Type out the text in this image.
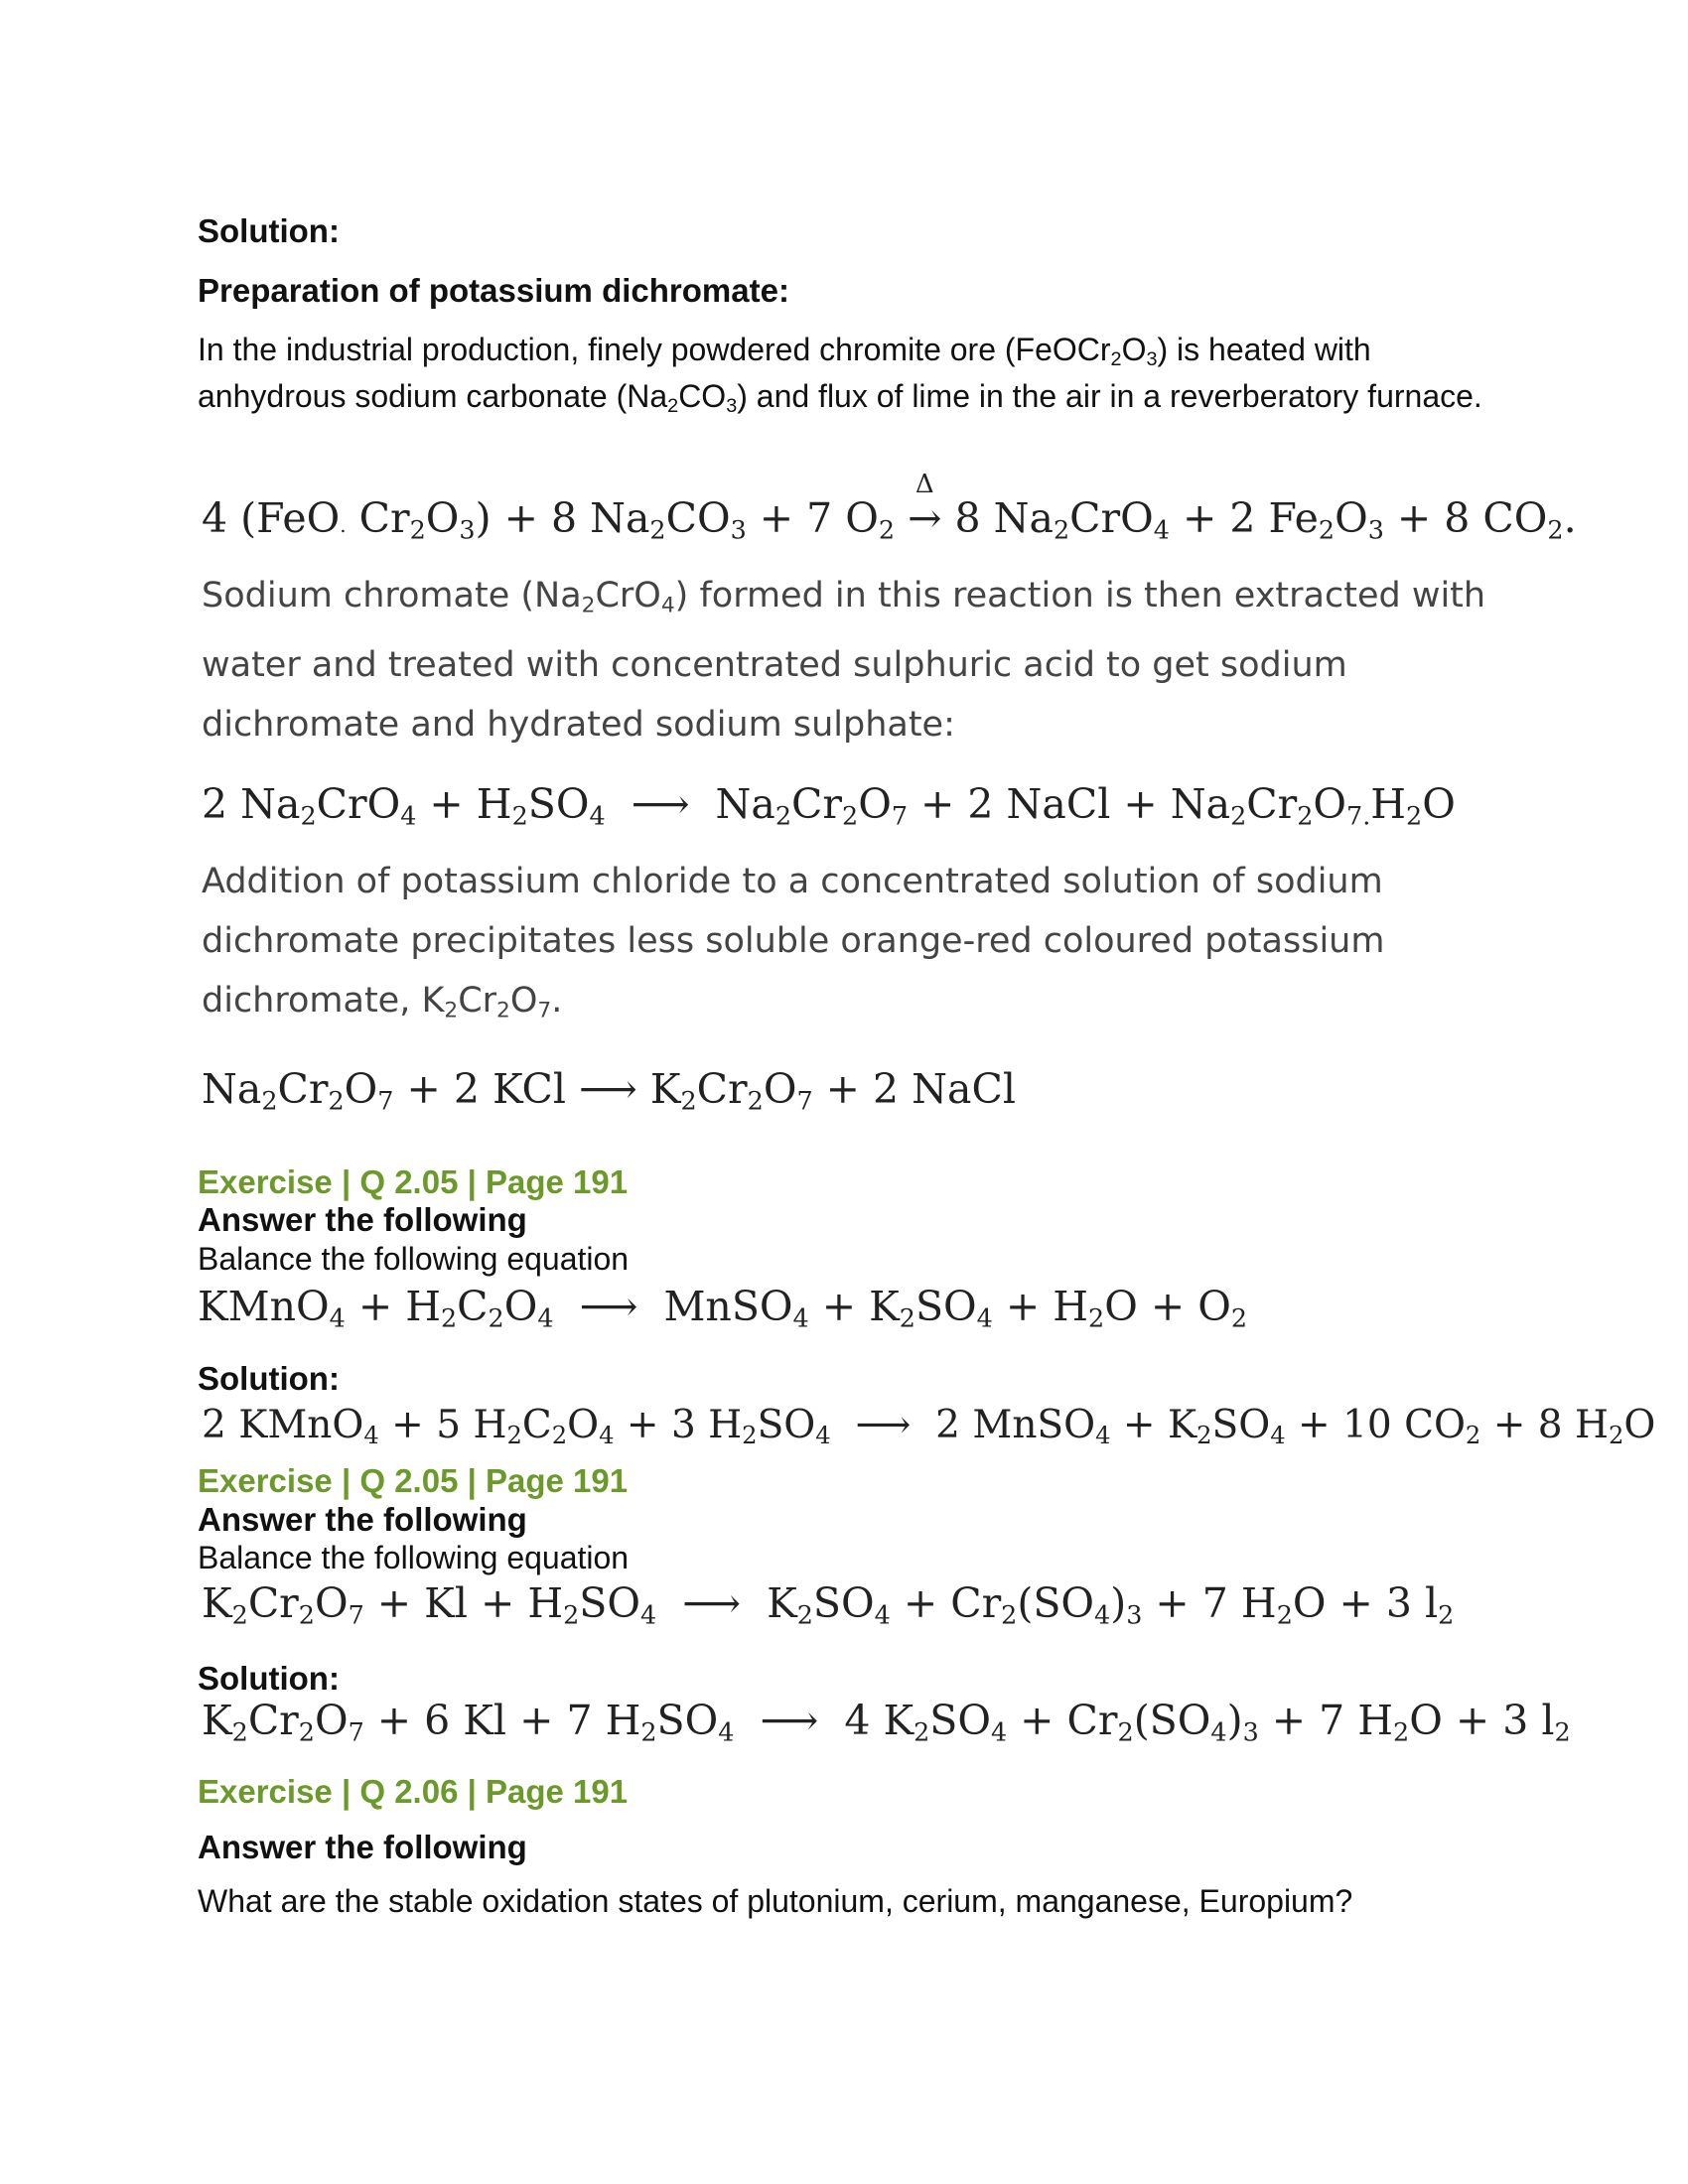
Solution:
Preparation of potassium dichromate:
In the industrial production, finely powdered chromite ore $(FeOCr_2O_3)$ is heated with anhydrous sodium carbonate $(Na_2CO_3)$ and flux of lime in the air in a reverberatory furnace.
4 (FeO. $Cr_2O_3) + 8$ $Na_2CO_3 + 7$ $O_2$
Δ
→ 8 $Na_2CrO_4 + 2$ $Fe_2O_3 + 8$ $CO_2$.
Sodium chromate $(Na_2CrO_4)$ formed in this reaction is then extracted with water and treated with concentrated sulphuric acid to get sodium dichromate and hydrated sodium sulphate:
2 $Na_2CrO_4 + H_2SO_4$ ⟶ $Na_2Cr_2O_7 + 2$ NaCl + $Na_2Cr_2O_{7.}H_2O$
Addition of potassium chloride to a concentrated solution of sodium dichromate precipitates less soluble orange-red coloured potassium dichromate, $K_2Cr_2O_7$.
$Na_2Cr_2O_7 + 2$ KCl ⟶ $K_2Cr_2O_7 + 2$ NaCl
Exercise | Q 2.05 | Page 191
Answer the following
Balance the following equation
KMnO$_4$ + $H_2C_2O_4$ ⟶ MnSO$_4$ + $K_2SO_4 + H_2O + O_2$
Solution:
2 KMnO$_4$ + 5 $H_2C_2O_4 + 3$ $H_2SO_4$ ⟶ 2 MnSO$_4$ + $K_2SO_4 + 10$ $CO_2 + 8$ $H_2O$
Exercise | Q 2.05 | Page 191
Answer the following
Balance the following equation
$K_2Cr_2O_7 + Kl + H_2SO_4$ ⟶ $K_2SO_4 + Cr_2(SO_4)_3 + 7$ $H_2O + 3$ $l_2$
Solution:
$K_2Cr_2O_7 + 6$ Kl + 7 $H_2SO_4$ ⟶ 4 $K_2SO_4 + Cr_2(SO_4)_3 + 7$ $H_2O + 3$ $l_2$
Exercise | Q 2.06 | Page 191
Answer the following
What are the stable oxidation states of plutonium, cerium, manganese, Europium?
